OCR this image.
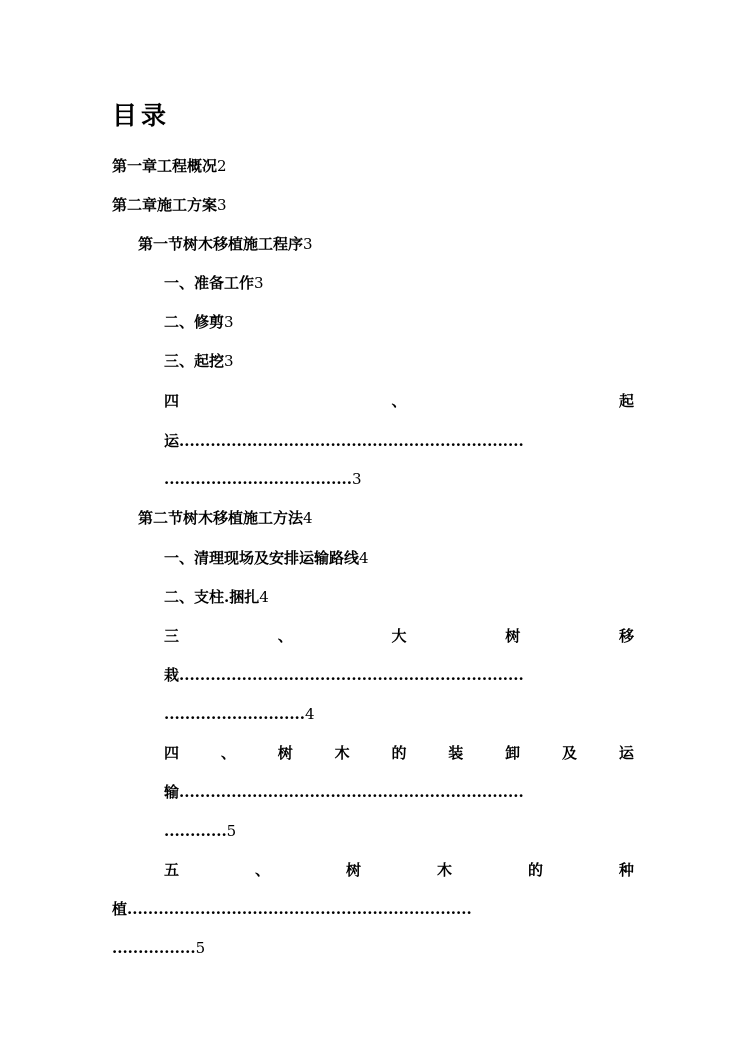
目录
第一章工程概况2
第二章施工方案3
第一节树木移植施工程序3
一、准备工作3
二、修剪3
三、起挖3
四	、	起
运..................................................................
....................................3
第二节树木移植施工方法4
一、清理现场及安排运输路线4
二、支柱.捆扎4
三	、	大	树	移
栽..................................................................
...........................4
四	、	树	木	的	装	卸	及	运
输..................................................................
............5
五	、	树	木	的	种
植..................................................................
................5
